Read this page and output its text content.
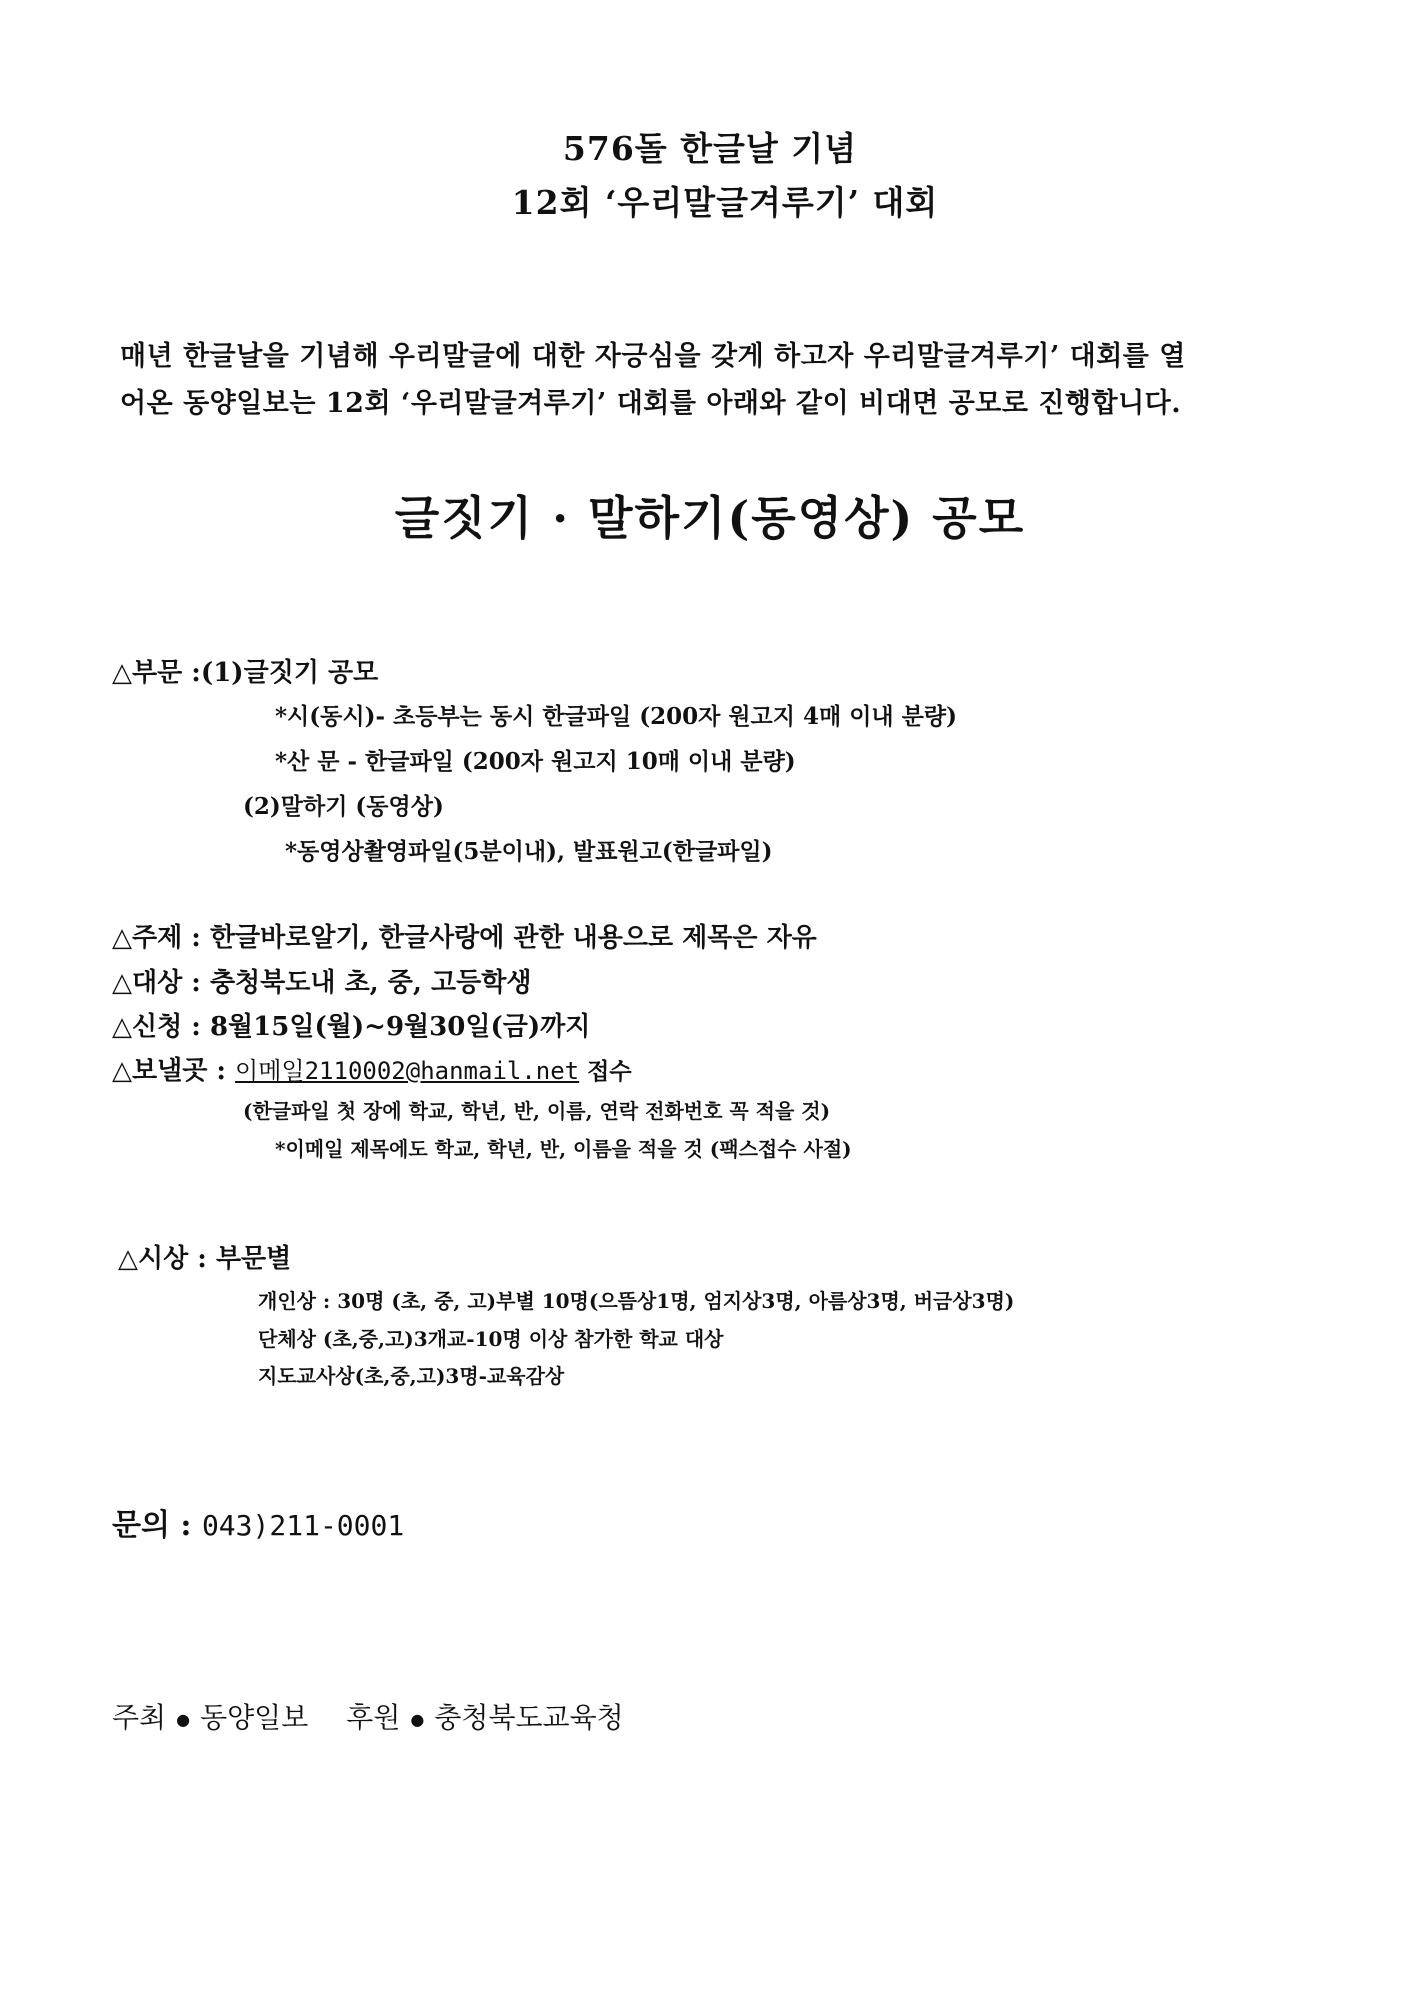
576돌 한글날 기념
12회 ‘우리말글겨루기’ 대회

매년 한글날을 기념해 우리말글에 대한 자긍심을 갖게 하고자 우리말글겨루기’ 대회를 열

어온 동양일보는 12회 ‘우리말글겨루기’ 대회를 아래와 같이 비대면 공모로 진행합니다.

글짓기 · 말하기(동영상) 공모
△부문 :(1)글짓기 공모
*시(동시)- 초등부는 동시 한글파일 (200자 원고지 4매 이내 분량)
*산 문 - 한글파일 (200자 원고지 10매 이내 분량)
(2)말하기 (동영상)
*동영상촬영파일(5분이내), 발표원고(한글파일)
△주제 : 한글바로알기, 한글사랑에 관한 내용으로 제목은 자유
△대상 : 충청북도내 초, 중, 고등학생
△신청 : 8월15일(월)~9월30일(금)까지
△보낼곳 : 이메일2110002@hanmail.net 접수
(한글파일 첫 장에 학교, 학년, 반, 이름, 연락 전화번호 꼭 적을 것)
*이메일 제목에도 학교, 학년, 반, 이름을 적을 것 (팩스접수 사절)
△시상 : 부문별
개인상 : 30명 (초, 중, 고)부별 10명(으뜸상1명, 엄지상3명, 아름상3명, 버금상3명)
단체상 (초,중,고)3개교-10명 이상 참가한 학교 대상
지도교사상(초,중,고)3명-교육감상
문의 : 043)211-0001
주최 ● 동양일보 후원 ● 충청북도교육청
